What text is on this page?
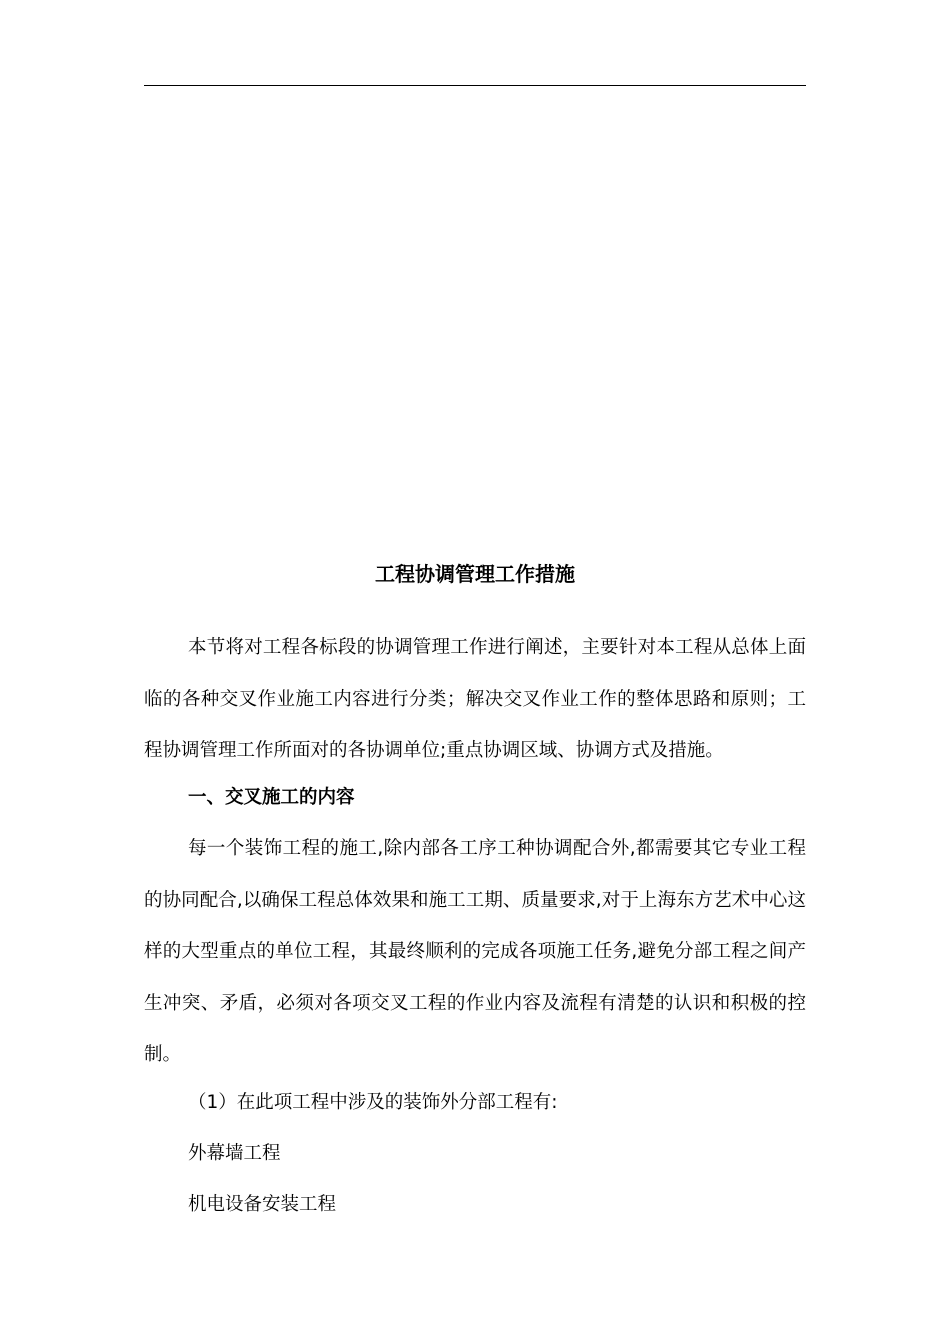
工程协调管理工作措施

本节将对工程各标段的协调管理工作进行阐述，主要针对本工程从总体上面临的各种交叉作业施工内容进行分类；解决交叉作业工作的整体思路和原则；工程协调管理工作所面对的各协调单位;重点协调区域、协调方式及措施。

一、交叉施工的内容

每一个装饰工程的施工,除内部各工序工种协调配合外,都需要其它专业工程的协同配合,以确保工程总体效果和施工工期、质量要求,对于上海东方艺术中心这样的大型重点的单位工程，其最终顺利的完成各项施工任务,避免分部工程之间产生冲突、矛盾，必须对各项交叉工程的作业内容及流程有清楚的认识和积极的控制。

（1）在此项工程中涉及的装饰外分部工程有:

外幕墙工程

机电设备安装工程
